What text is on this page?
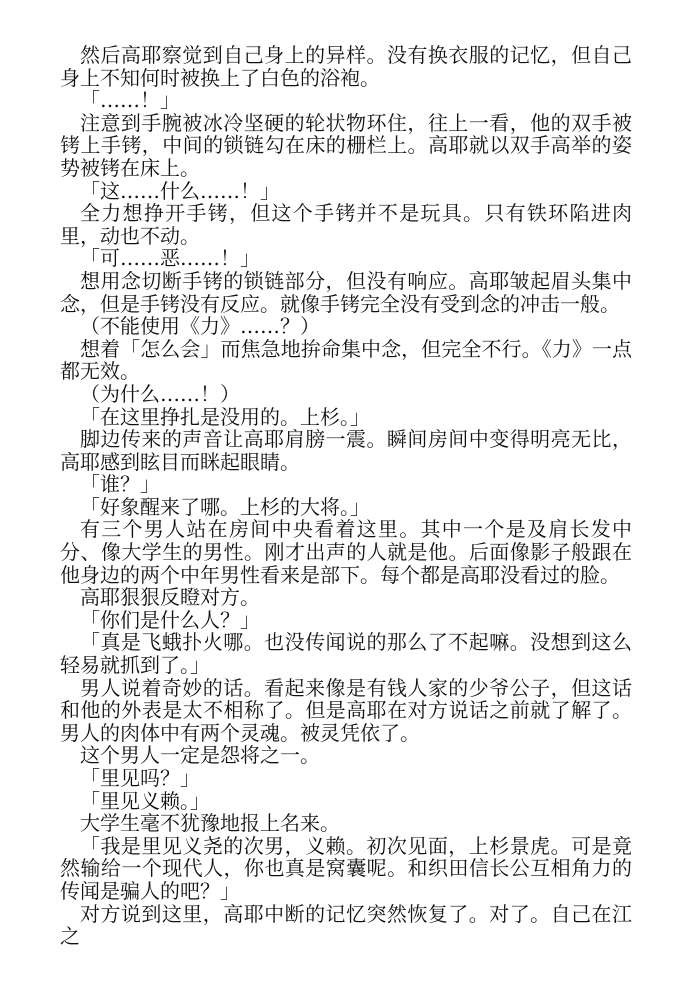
然后高耶察觉到自己身上的异样。没有换衣服的记忆，但自己身上不知何时被换上了白色的浴袍。

「……！」

注意到手腕被冰冷坚硬的轮状物环住，往上一看，他的双手被铐上手铐，中间的锁链勾在床的栅栏上。高耶就以双手高举的姿势被铐在床上。

「这……什么……！」

全力想挣开手铐，但这个手铐并不是玩具。只有铁环陷进肉里，动也不动。

「可……恶……！」

想用念切断手铐的锁链部分，但没有响应。高耶皱起眉头集中念，但是手铐没有反应。就像手铐完全没有受到念的冲击一般。

（不能使用《力》……？）

想着「怎么会」而焦急地拚命集中念，但完全不行。《力》一点都无效。

（为什么……！）

「在这里挣扎是没用的。上杉。」

脚边传来的声音让高耶肩膀一震。瞬间房间中变得明亮无比，高耶感到眩目而眯起眼睛。

「谁？」

「好象醒来了哪。上杉的大将。」

有三个男人站在房间中央看着这里。其中一个是及肩长发中分、像大学生的男性。刚才出声的人就是他。后面像影子般跟在他身边的两个中年男性看来是部下。每个都是高耶没看过的脸。

高耶狠狠反瞪对方。

「你们是什么人？」

「真是飞蛾扑火哪。也没传闻说的那么了不起嘛。没想到这么轻易就抓到了。」

男人说着奇妙的话。看起来像是有钱人家的少爷公子，但这话和他的外表是太不相称了。但是高耶在对方说话之前就了解了。男人的肉体中有两个灵魂。被灵凭依了。

这个男人一定是怨将之一。

「里见吗？」

「里见义赖。」

大学生毫不犹豫地报上名来。

「我是里见义尧的次男，义赖。初次见面，上杉景虎。可是竟然输给一个现代人，你也真是窝囊呢。和织田信长公互相角力的传闻是骗人的吧？」

对方说到这里，高耶中断的记忆突然恢复了。对了。自己在江之
